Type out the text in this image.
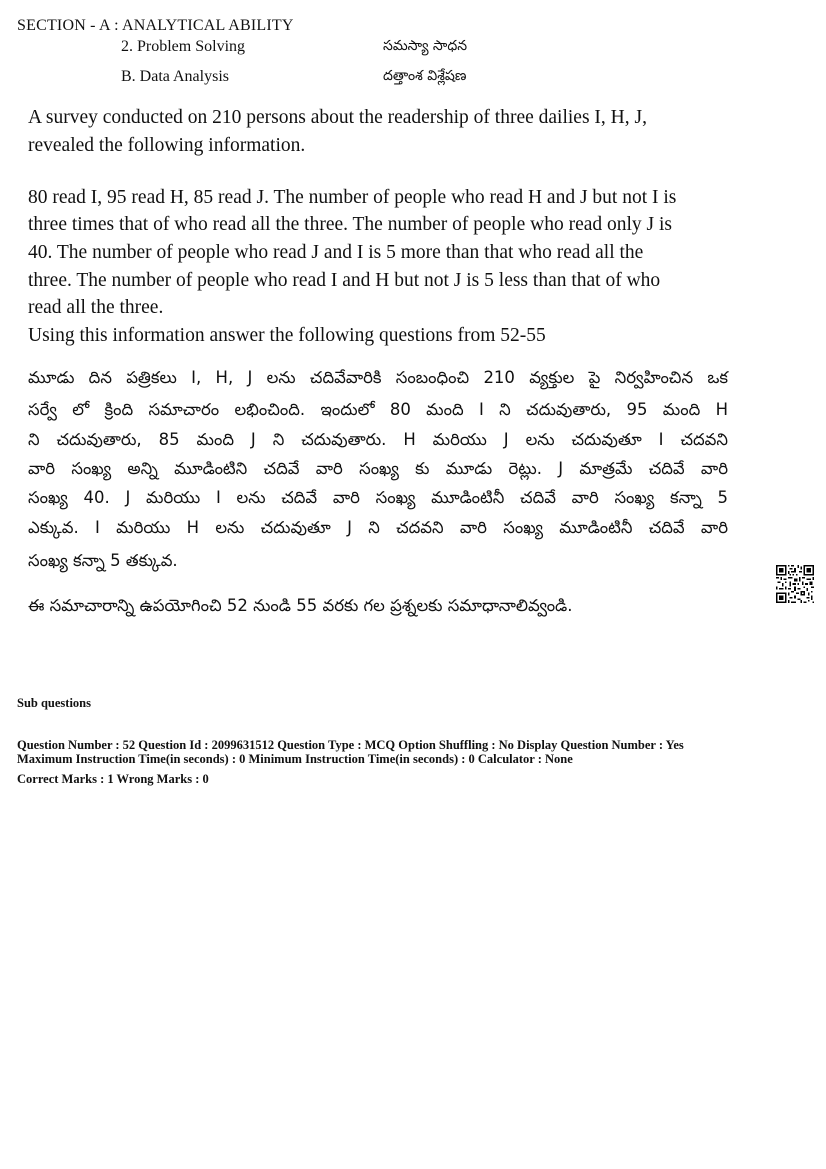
SECTION - A : ANALYTICAL ABILITY
2. Problem Solving	సమస్యా సాధన
B. Data Analysis	దత్తాంశ విశ్లేషణ
A survey conducted on 210 persons about the readership of three dailies I, H, J,
revealed the following information.
80 read I, 95 read H, 85 read J. The number of people who read H and J but not I is
three times that of who read all the three. The number of people who read only J is
40. The number of people who read J and I is 5 more than that who read all the
three. The number of people who read I and H but not J is 5 less than that of who
read all the three.
Using this information answer the following questions from 52-55
మూడు దిన పత్రికలు I, H, J లను చదివేవారికి సంబంధించి 210 వ్యక్తుల పై నిర్వహించిన ఒక
సర్వే లో క్రింది సమాచారం లభించింది. ఇందులో 80 మంది I ని చదువుతారు, 95 మంది H
ని చదువుతారు, 85 మంది J ని చదువుతారు. H మరియు J లను చదువుతూ I చదవని
వారి సంఖ్య అన్ని మూడింటిని చదివే వారి సంఖ్య కు మూడు రెట్లు. J మాత్రమే చదివే వారి
సంఖ్య 40. J మరియు I లను చదివే వారి సంఖ్య మూడింటినీ చదివే వారి సంఖ్య కన్నా 5
ఎక్కువ. I మరియు H లను చదువుతూ J ని చదవని వారి సంఖ్య మూడింటినీ చదివే వారి
సంఖ్య కన్నా 5 తక్కువ.
ఈ సమాచారాన్ని ఉపయోగించి 52 నుండి 55 వరకు గల ప్రశ్నలకు సమాధానాలివ్వండి.
Sub questions
Question Number : 52 Question Id : 2099631512 Question Type : MCQ Option Shuffling : No Display Question Number : Yes
Maximum Instruction Time(in seconds) : 0 Minimum Instruction Time(in seconds) : 0 Calculator : None
Correct Marks : 1 Wrong Marks : 0
